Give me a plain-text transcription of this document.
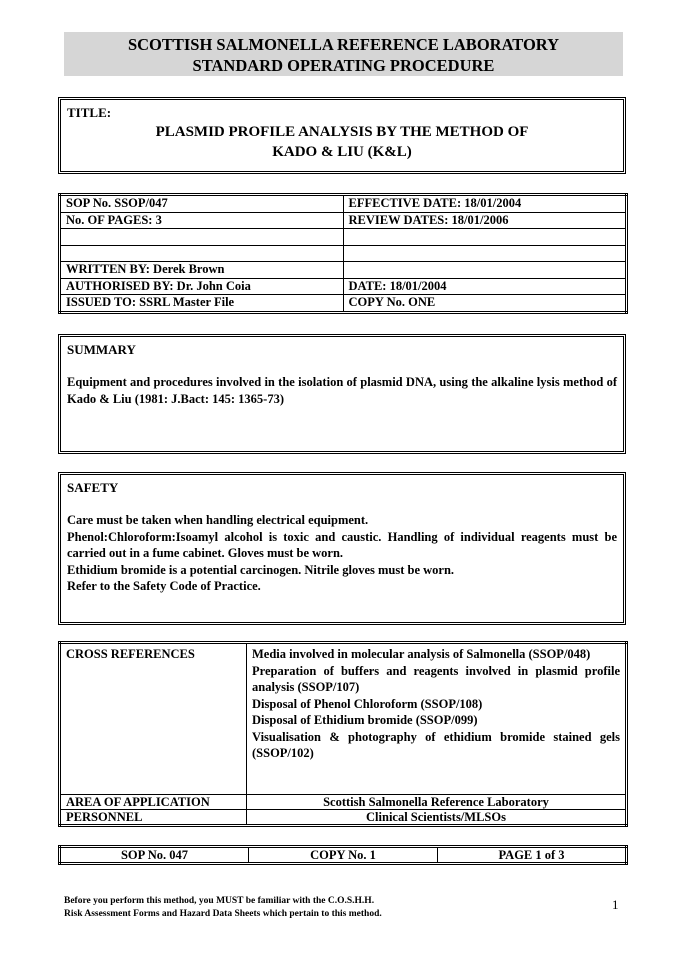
SCOTTISH SALMONELLA REFERENCE LABORATORY
STANDARD OPERATING PROCEDURE
TITLE:
PLASMID PROFILE ANALYSIS BY THE METHOD OF
KADO & LIU (K&L)
SOP No. SSOP/047	EFFECTIVE DATE: 18/01/2004
No. OF PAGES: 3	REVIEW DATES: 18/01/2006

WRITTEN BY: Derek Brown	
AUTHORISED BY: Dr. John Coia	DATE: 18/01/2004
ISSUED TO: SSRL Master File	COPY No. ONE
SUMMARY

Equipment and procedures involved in the isolation of plasmid DNA, using the alkaline lysis method of Kado & Liu (1981: J.Bact: 145: 1365-73)

SAFETY

Care must be taken when handling electrical equipment.

Phenol:Chloroform:Isoamyl alcohol is toxic and caustic. Handling of individual reagents must be carried out in a fume cabinet. Gloves must be worn.

Ethidium bromide is a potential carcinogen. Nitrile gloves must be worn.

Refer to the Safety Code of Practice.

CROSS REFERENCES	Media involved in molecular analysis of Salmonella (SSOP/048)

Preparation of buffers and reagents involved in plasmid profile analysis (SSOP/107)

Disposal of Phenol Chloroform (SSOP/108)

Disposal of Ethidium bromide (SSOP/099)

Visualisation & photography of ethidium bromide stained gels (SSOP/102)

AREA OF APPLICATION	Scottish Salmonella Reference Laboratory
PERSONNEL	Clinical Scientists/MLSOs
SOP No. 047	COPY No. 1	PAGE 1 of 3
Before you perform this method, you MUST be familiar with the C.O.S.H.H.
Risk Assessment Forms and Hazard Data Sheets which pertain to this method.
1
